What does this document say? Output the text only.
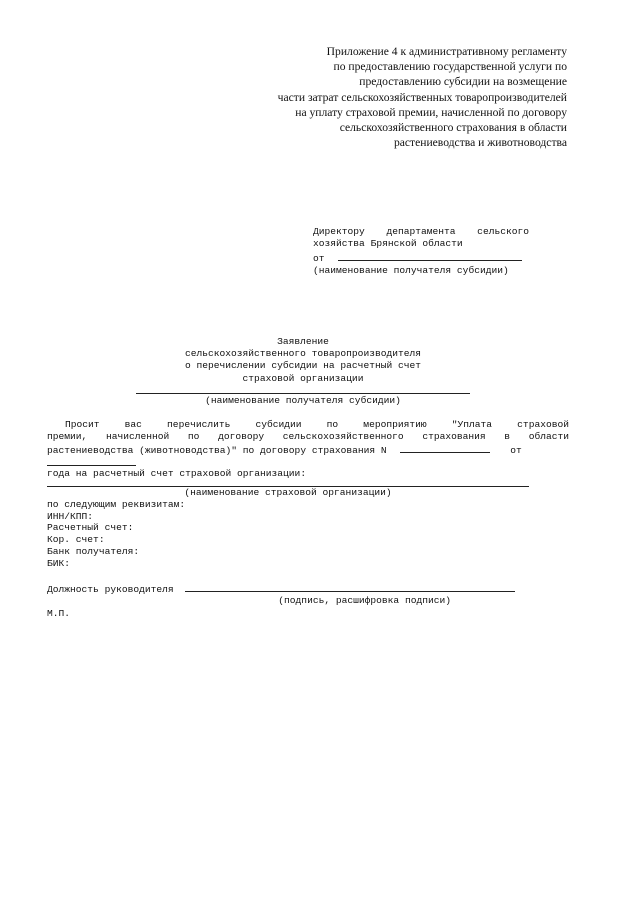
Приложение 4 к административному регламенту
по предоставлению государственной услуги по
предоставлению субсидии на возмещение
части затрат сельскохозяйственных товаропроизводителей
на уплату страховой премии, начисленной по договору
сельскохозяйственного страхования в области
растениеводства и животноводства
Директору департамента сельского
хозяйства Брянской области
от
(наименование получателя субсидии)
Заявление
сельскохозяйственного товаропроизводителя
о перечислении субсидии на расчетный счет
страховой организации
(наименование получателя субсидии)
Просит вас перечислить субсидии по мероприятию "Уплата страховой
премии, начисленной по договору сельскохозяйственного страхования в области
растениеводства (животноводства)" по договору страхования N	от
года на расчетный счет страховой организации:
(наименование страховой организации)
по следующим реквизитам:
ИНН/КПП:
Расчетный счет:
Кор. счет:
Банк получателя:
БИК:
Должность руководителя
(подпись, расшифровка подписи)
М.П.
